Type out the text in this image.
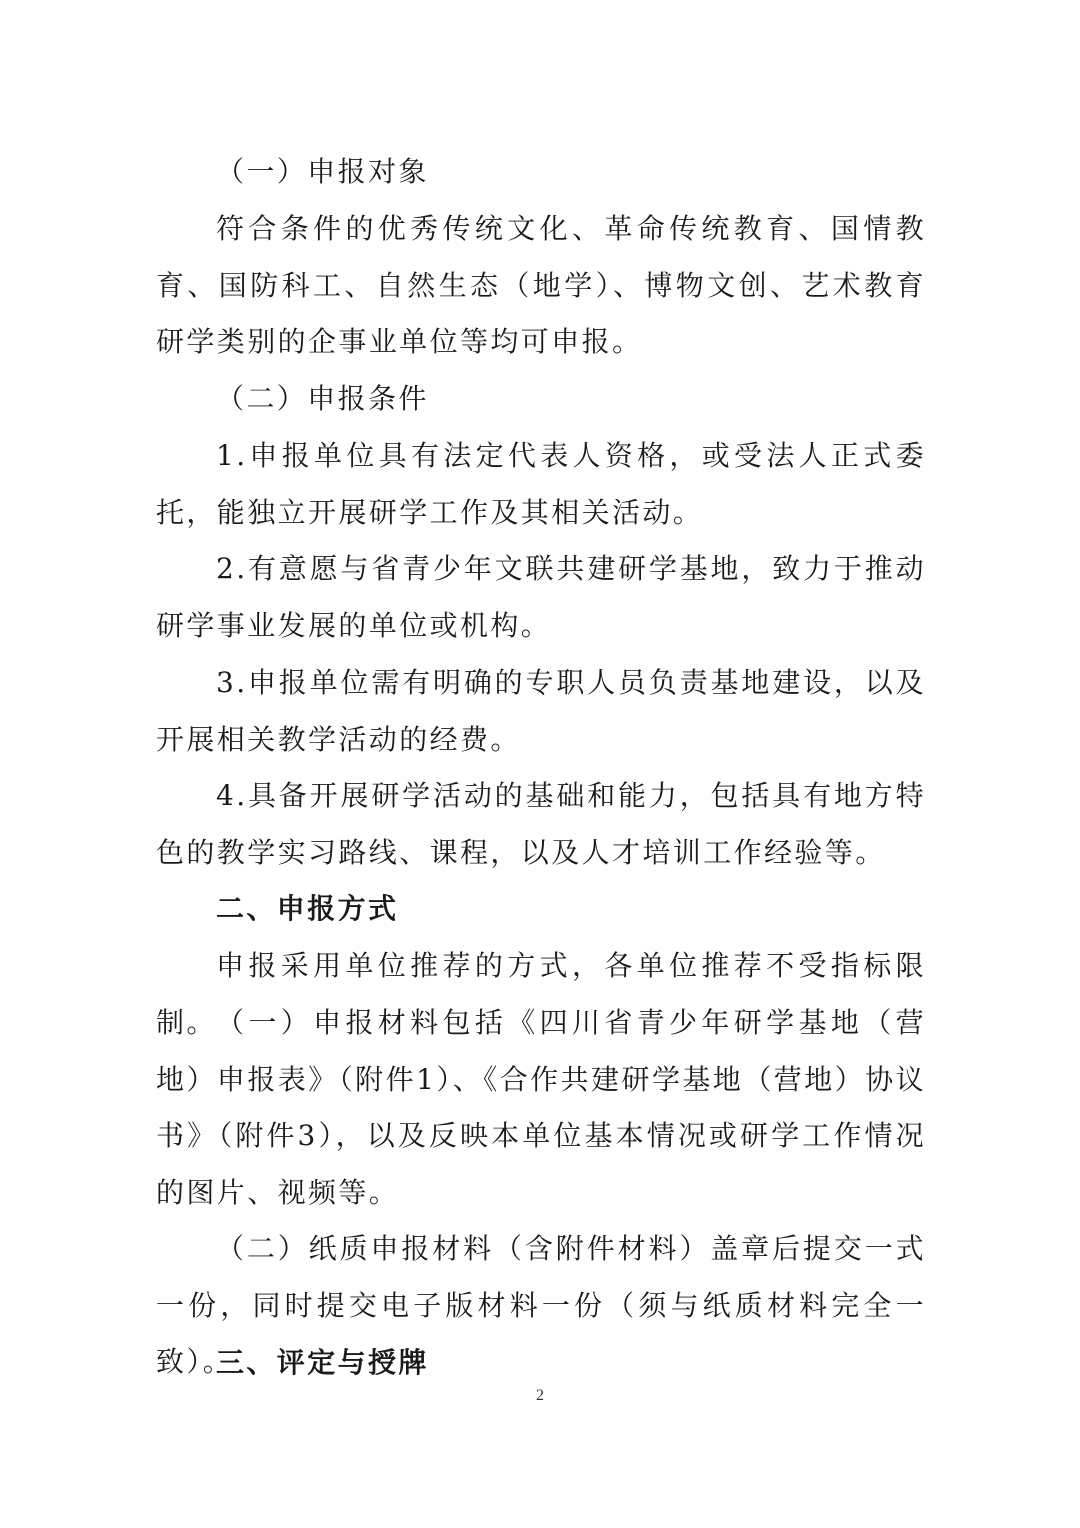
（一）申报对象

符合条件的优秀传统文化、革命传统教育、国情教育、国防科工、自然生态（地学）、博物文创、艺术教育研学类别的企事业单位等均可申报。

（二）申报条件

1.申报单位具有法定代表人资格，或受法人正式委托，能独立开展研学工作及其相关活动。

2.有意愿与省青少年文联共建研学基地，致力于推动研学事业发展的单位或机构。

3.申报单位需有明确的专职人员负责基地建设，以及开展相关教学活动的经费。

4.具备开展研学活动的基础和能力，包括具有地方特色的教学实习路线、课程，以及人才培训工作经验等。

二、申报方式

申报采用单位推荐的方式，各单位推荐不受指标限制。 （一）申报材料包括《四川省青少年研学基地（营地）申报表》（附件1）、《合作共建研学基地（营地）协议书》（附件3），以及反映本单位基本情况或研学工作情况的图片、视频等。

（二）纸质申报材料（含附件材料）盖章后提交一式一份，同时提交电子版材料一份（须与纸质材料完全一致）。

三、评定与授牌

2
